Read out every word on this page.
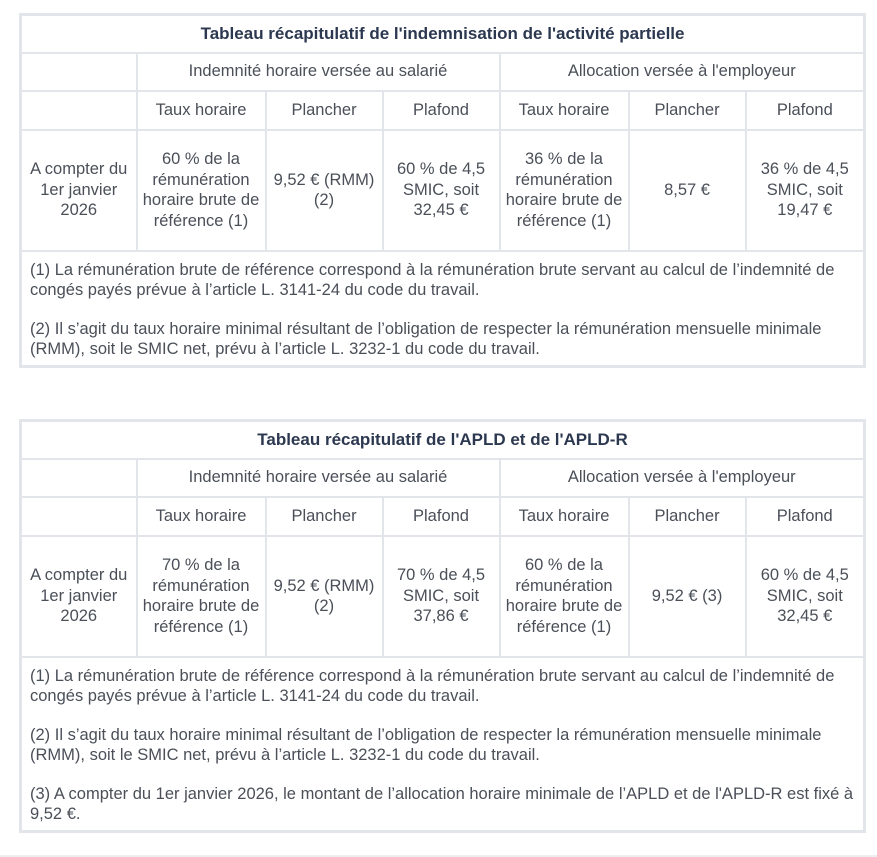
Tableau récapitulatif de l'indemnisation de l'activité partielle						
	Indemnité horaire versée au salarié			Allocation versée à l'employeur		
	Taux horaire	Plancher	Plafond	Taux horaire	Plancher	Plafond
A compter du 1er janvier 2026	60 % de la rémunération horaire brute de référence (1)	9,52 € (RMM) (2)	60 % de 4,5 SMIC, soit 32,45 €	36 % de la rémunération horaire brute de référence (1)	8,57 €	36 % de 4,5 SMIC, soit 19,47 €

(1) La rémunération brute de référence correspond à la rémunération brute servant au calcul de l’indemnité de congés payés prévue à l’article L. 3141-24 du code du travail.

(2) Il s’agit du taux horaire minimal résultant de l’obligation de respecter la rémunération mensuelle minimale (RMM), soit le SMIC net, prévu à l’article L. 3232-1 du code du travail.						

Tableau récapitulatif de l'APLD et de l'APLD-R						
	Indemnité horaire versée au salarié			Allocation versée à l'employeur		
	Taux horaire	Plancher	Plafond	Taux horaire	Plancher	Plafond
A compter du 1er janvier 2026	70 % de la rémunération horaire brute de référence (1)	9,52 € (RMM) (2)	70 % de 4,5 SMIC, soit 37,86 €	60 % de la rémunération horaire brute de référence (1)	9,52 € (3)	60 % de 4,5 SMIC, soit 32,45 €

(1) La rémunération brute de référence correspond à la rémunération brute servant au calcul de l’indemnité de congés payés prévue à l’article L. 3141-24 du code du travail.

(2) Il s’agit du taux horaire minimal résultant de l’obligation de respecter la rémunération mensuelle minimale (RMM), soit le SMIC net, prévu à l’article L. 3232-1 du code du travail.

(3) A compter du 1er janvier 2026, le montant de l’allocation horaire minimale de l’APLD et de l'APLD-R est fixé à 9,52 €.						
